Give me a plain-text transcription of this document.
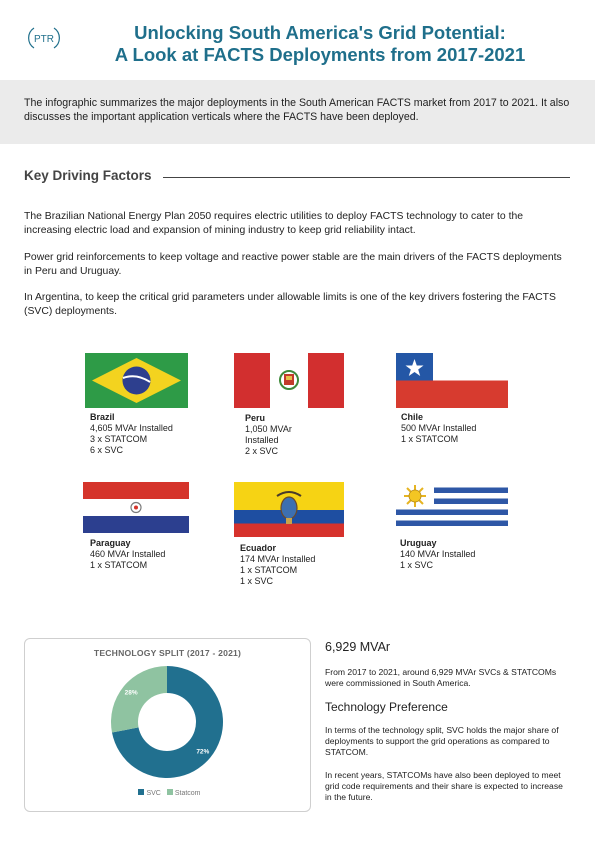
PTR	Unlocking South America's Grid Potential:
A Look at FACTS Deployments from 2017-2021
The infographic summarizes the major deployments in the South American FACTS market from 2017 to 2021. It also discusses the important application verticals where the FACTS have been deployed.
Key Driving Factors
The Brazilian National Energy Plan 2050 requires electric utilities to deploy FACTS technology to cater to the increasing electric load and expansion of mining industry to keep grid reliability intact.
Power grid reinforcements to keep voltage and reactive power stable are the main drivers of the FACTS deployments in Peru and Uruguay.
In Argentina, to keep the critical grid parameters under allowable limits is one of the key drivers fostering the FACTS (SVC) deployments.
Brazil
4,605 MVAr Installed
3 x STATCOM
6 x SVC
Peru
1,050 MVAr
Installed
2 x SVC
Chile
500 MVAr Installed
1 x STATCOM
Paraguay
460 MVAr Installed
1 x STATCOM
Ecuador
174 MVAr Installed
1 x STATCOM
1 x SVC
Uruguay
140 MVAr Installed
1 x SVC
TECHNOLOGY SPLIT (2017 - 2021)
72%
28%
SVC Statcom
6,929 MVAr
From 2017 to 2021, around 6,929 MVAr SVCs & STATCOMs were commissioned in South America.
Technology Preference
In terms of the technology split, SVC holds the major share of deployments to support the grid operations as compared to STATCOM.
In recent years, STATCOMs have also been deployed to meet grid code requirements and their share is expected to increase in the future.
